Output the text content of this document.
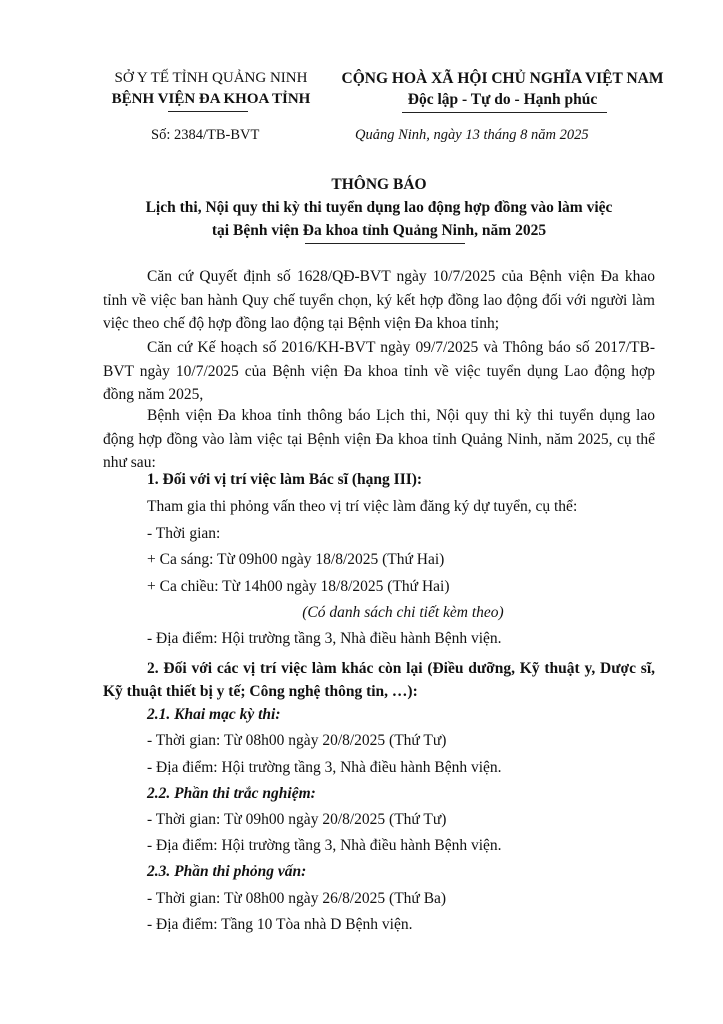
SỞ Y TẾ TỈNH QUẢNG NINH
BỆNH VIỆN ĐA KHOA TỈNH
CỘNG HOÀ XÃ HỘI CHỦ NGHĨA VIỆT NAM
Độc lập - Tự do - Hạnh phúc
Số: 2384/TB-BVT	Quảng Ninh, ngày 13 tháng 8 năm 2025
THÔNG BÁO
Lịch thi, Nội quy thi kỳ thi tuyển dụng lao động hợp đồng vào làm việc
tại Bệnh viện Đa khoa tỉnh Quảng Ninh, năm 2025
Căn cứ Quyết định số 1628/QĐ-BVT ngày 10/7/2025 của Bệnh viện Đa khao tỉnh về việc ban hành Quy chế tuyển chọn, ký kết hợp đồng lao động đối với người làm việc theo chế độ hợp đồng lao động tại Bệnh viện Đa khoa tỉnh;
Căn cứ Kế hoạch số 2016/KH-BVT ngày 09/7/2025 và Thông báo số 2017/TB-BVT ngày 10/7/2025 của Bệnh viện Đa khoa tỉnh về việc tuyển dụng Lao động hợp đồng năm 2025,
Bệnh viện Đa khoa tỉnh thông báo Lịch thi, Nội quy thi kỳ thi tuyển dụng lao động hợp đồng vào làm việc tại Bệnh viện Đa khoa tỉnh Quảng Ninh, năm 2025, cụ thể như sau:
1. Đối với vị trí việc làm Bác sĩ (hạng III):
Tham gia thi phỏng vấn theo vị trí việc làm đăng ký dự tuyển, cụ thể:
- Thời gian:
+ Ca sáng: Từ 09h00 ngày 18/8/2025 (Thứ Hai)
+ Ca chiều: Từ 14h00 ngày 18/8/2025 (Thứ Hai)
(Có danh sách chi tiết kèm theo)
- Địa điểm: Hội trường tầng 3, Nhà điều hành Bệnh viện.
2. Đối với các vị trí việc làm khác còn lại (Điều dưỡng, Kỹ thuật y, Dược sĩ, Kỹ thuật thiết bị y tế; Công nghệ thông tin, …):
2.1. Khai mạc kỳ thi:
- Thời gian: Từ 08h00 ngày 20/8/2025 (Thứ Tư)
- Địa điểm: Hội trường tầng 3, Nhà điều hành Bệnh viện.
2.2. Phần thi trắc nghiệm:
- Thời gian: Từ 09h00 ngày 20/8/2025 (Thứ Tư)
- Địa điểm: Hội trường tầng 3, Nhà điều hành Bệnh viện.
2.3. Phần thi phỏng vấn:
- Thời gian: Từ 08h00 ngày 26/8/2025 (Thứ Ba)
- Địa điểm: Tầng 10 Tòa nhà D Bệnh viện.
